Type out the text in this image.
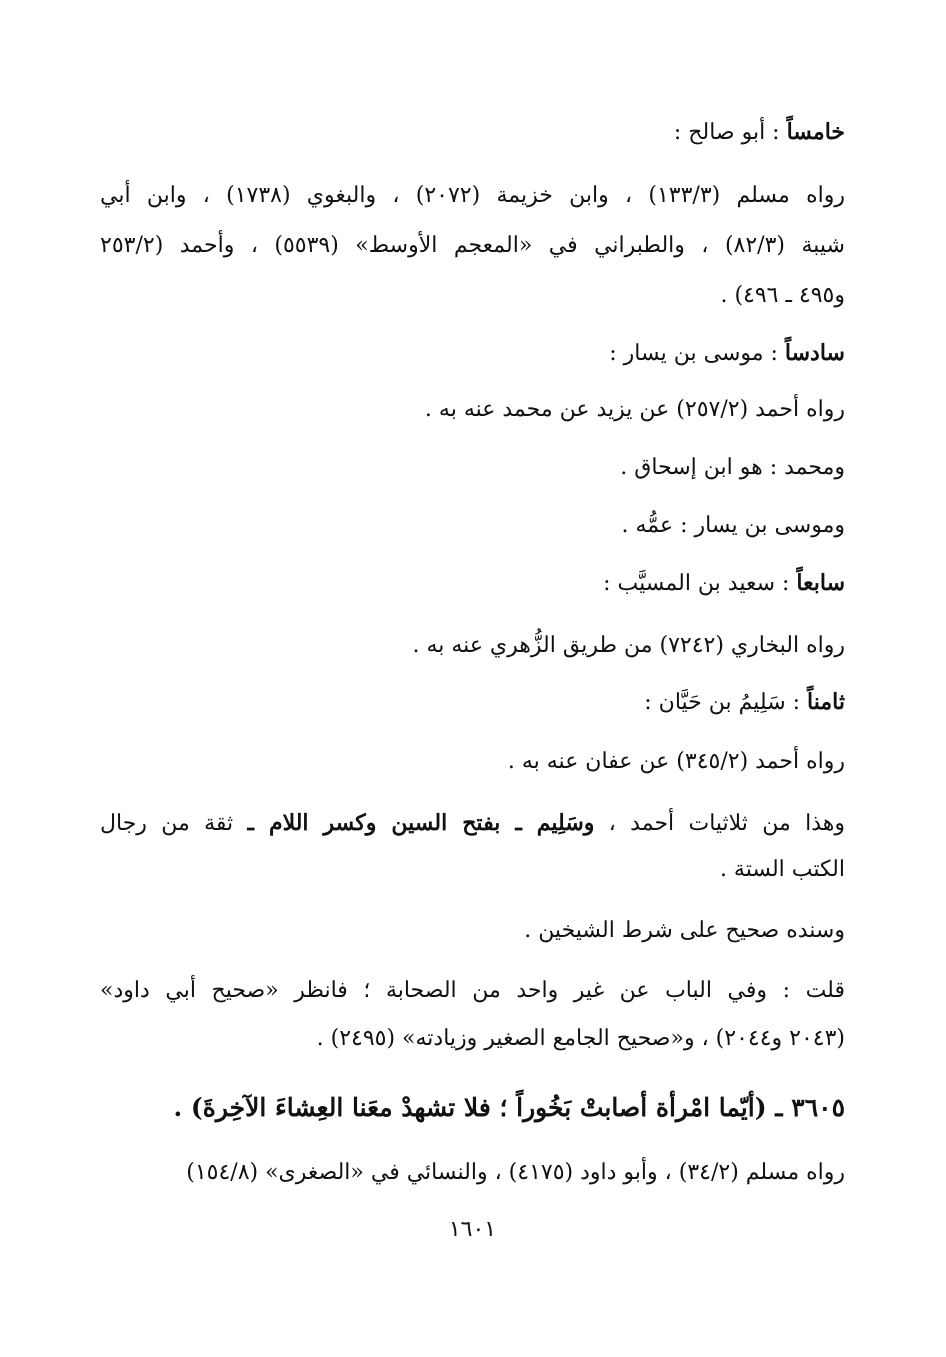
خامساً : أبو صالح :
رواه مسلم (١٣٣/٣) ، وابن خزيمة (٢٠٧٢) ، والبغوي (١٧٣٨) ، وابن أبي
شيبة (٨٢/٣) ، والطبراني في «المعجم الأوسط» (٥٥٣٩) ، وأحمد (٢٥٣/٢
و٤٩٥ ـ ٤٩٦) .
سادساً : موسى بن يسار :
رواه أحمد (٢٥٧/٢) عن يزيد عن محمد عنه به .
ومحمد : هو ابن إسحاق .
وموسى بن يسار : عمُّه .
سابعاً : سعيد بن المسيَّب :
رواه البخاري (٧٢٤٢) من طريق الزُّهري عنه به .
ثامناً : سَلِيمُ بن حَيَّان :
رواه أحمد (٣٤٥/٢) عن عفان عنه به .
وهذا من ثلاثيات أحمد ، وسَلِيم ـ بفتح السين وكسر اللام ـ ثقة من رجال
الكتب الستة .
وسنده صحيح على شرط الشيخين .
قلت : وفي الباب عن غير واحد من الصحابة ؛ فانظر «صحيح أبي داود»
(٢٠٤٣ و٢٠٤٤) ، و«صحيح الجامع الصغير وزيادته» (٢٤٩٥) .
٣٦٠٥ ـ (أيّما امْرأة أصابتْ بَخُوراً ؛ فلا تشهدْ معَنا العِشاءَ الآخِرةَ) .
رواه مسلم (٣٤/٢) ، وأبو داود (٤١٧٥) ، والنسائي في «الصغرى» (١٥٤/٨)
١٦٠١
